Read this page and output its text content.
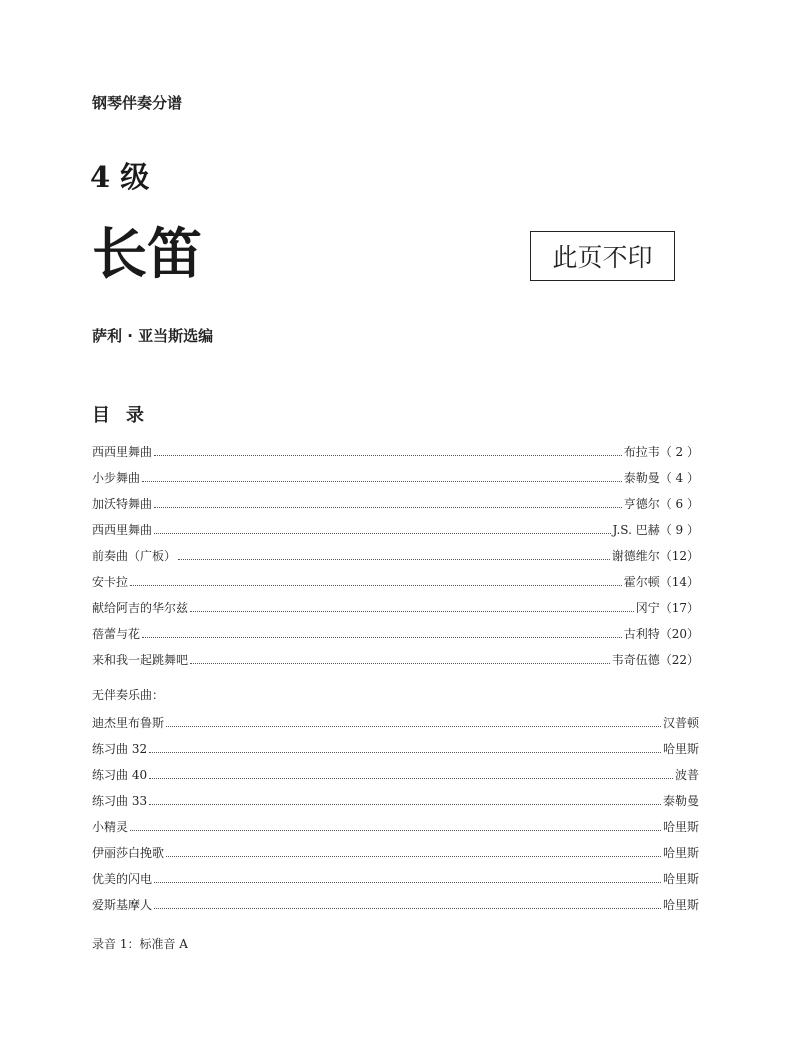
钢琴伴奏分谱
4 级
长笛	此页不印
萨利 · 亚当斯选编
目录
西西里舞曲	布拉韦（ 2 ）
小步舞曲	泰勒曼（ 4 ）
加沃特舞曲	亨德尔（ 6 ）
西西里舞曲	J.S. 巴赫（ 9 ）
前奏曲（广板）	谢德维尔（12）
安卡拉	霍尔顿（14）
献给阿吉的华尔兹	冈宁（17）
蓓蕾与花	古利特（20）
来和我一起跳舞吧	韦奇伍德（22）
无伴奏乐曲：
迪杰里布鲁斯	汉普顿
练习曲 32	哈里斯
练习曲 40	波普
练习曲 33	泰勒曼
小精灵	哈里斯
伊丽莎白挽歌	哈里斯
优美的闪电	哈里斯
爱斯基摩人	哈里斯
录音 1：标准音 A
